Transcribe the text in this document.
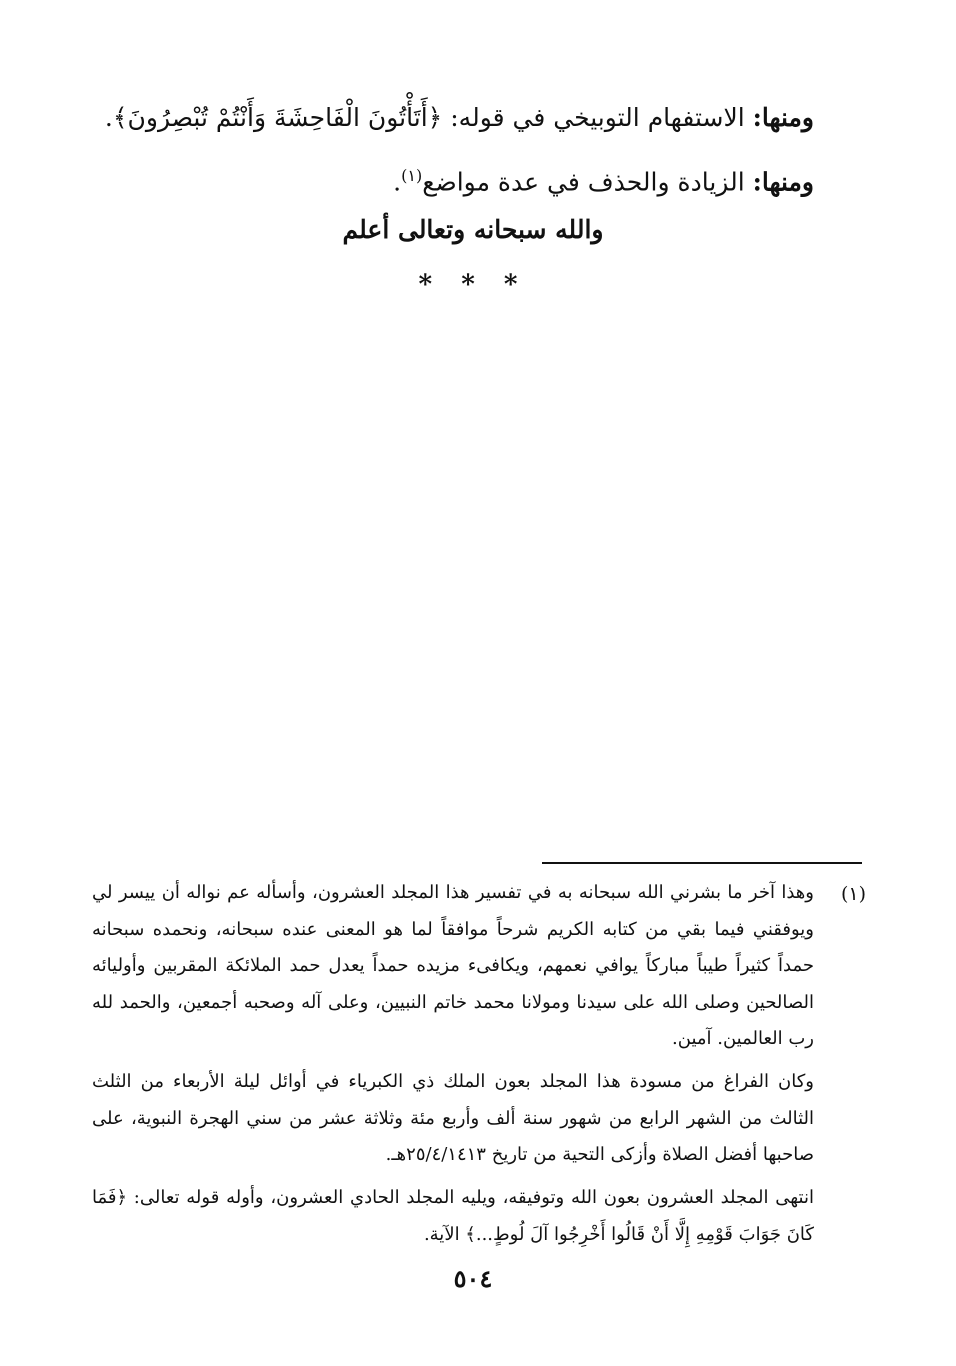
ومنها: الاستفهام التوبيخي في قوله: ﴿أَتَأْتُونَ الْفَاحِشَةَ وَأَنْتُمْ تُبْصِرُونَ﴾.
ومنها: الزيادة والحذف في عدة مواضع$^{(١)}$.
والله سبحانه وتعالى أعلم
* * *
(١)

وهذا آخر ما بشرني الله سبحانه به في تفسير هذا المجلد العشرون، وأسأله عم نواله أن ييسر لي ويوفقني فيما بقي من كتابه الكريم شرحاً موافقاً لما هو المعنى عنده سبحانه، ونحمده سبحانه حمداً كثيراً طيباً مباركاً يوافي نعمهم، ويكافىء مزيده حمداً يعدل حمد الملائكة المقربين وأوليائه الصالحين وصلى الله على سيدنا ومولانا محمد خاتم النبيين، وعلى آله وصحبه أجمعين، والحمد لله رب العالمين. آمين.

وكان الفراغ من مسودة هذا المجلد بعون الملك ذي الكبرياء في أوائل ليلة الأربعاء من الثلث الثالث من الشهر الرابع من شهور سنة ألف وأربع مئة وثلاثة عشر من سني الهجرة النبوية، على صاحبها أفضل الصلاة وأزكى التحية من تاريخ ٢٥/٤/١٤١٣هـ.

انتهى المجلد العشرون بعون الله وتوفيقه، ويليه المجلد الحادي العشرون، وأوله قوله تعالى: ﴿فَمَا كَانَ جَوَابَ قَوْمِهِ إِلَّا أَنْ قَالُوا أَخْرِجُوا آلَ لُوطٍ...﴾ الآية.

٥٠٤
